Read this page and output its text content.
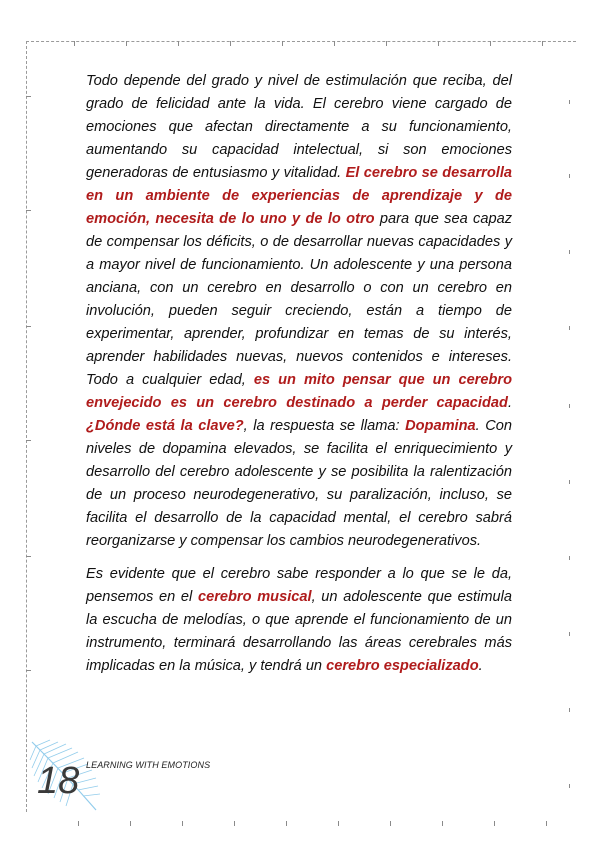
Todo depende del grado y nivel de estimulación que reciba, del grado de felicidad ante la vida. El cerebro viene cargado de emociones que afectan directamente a su funcionamiento, aumentando su capacidad intelectual, si son emociones generadoras de entusiasmo y vitalidad. El cerebro se desarrolla en un ambiente de experiencias de aprendizaje y de emoción, necesita de lo uno y de lo otro para que sea capaz de compensar los déficits, o de desarrollar nuevas capacidades y a mayor nivel de funcionamiento. Un adolescente y una persona anciana, con un cerebro en desarrollo o con un cerebro en involución, pueden seguir creciendo, están a tiempo de experimentar, aprender, profundizar en temas de su interés, aprender habilidades nuevas, nuevos contenidos e intereses. Todo a cualquier edad, es un mito pensar que un cerebro envejecido es un cerebro destinado a perder capacidad. ¿Dónde está la clave?, la respuesta se llama: Dopamina. Con niveles de dopamina elevados, se facilita el enriquecimiento y desarrollo del cerebro adolescente y se posibilita la ralentización de un proceso neurodegenerativo, su paralización, incluso, se facilita el desarrollo de la capacidad mental, el cerebro sabrá reorganizarse y compensar los cambios neurodegenerativos.

Es evidente que el cerebro sabe responder a lo que se le da, pensemos en el cerebro musical, un adolescente que estimula la escucha de melodías, o que aprende el funcionamiento de un instrumento, terminará desarrollando las áreas cerebrales más implicadas en la música, y tendrá un cerebro especializado.

18 LEARNING WITH EMOTIONS
